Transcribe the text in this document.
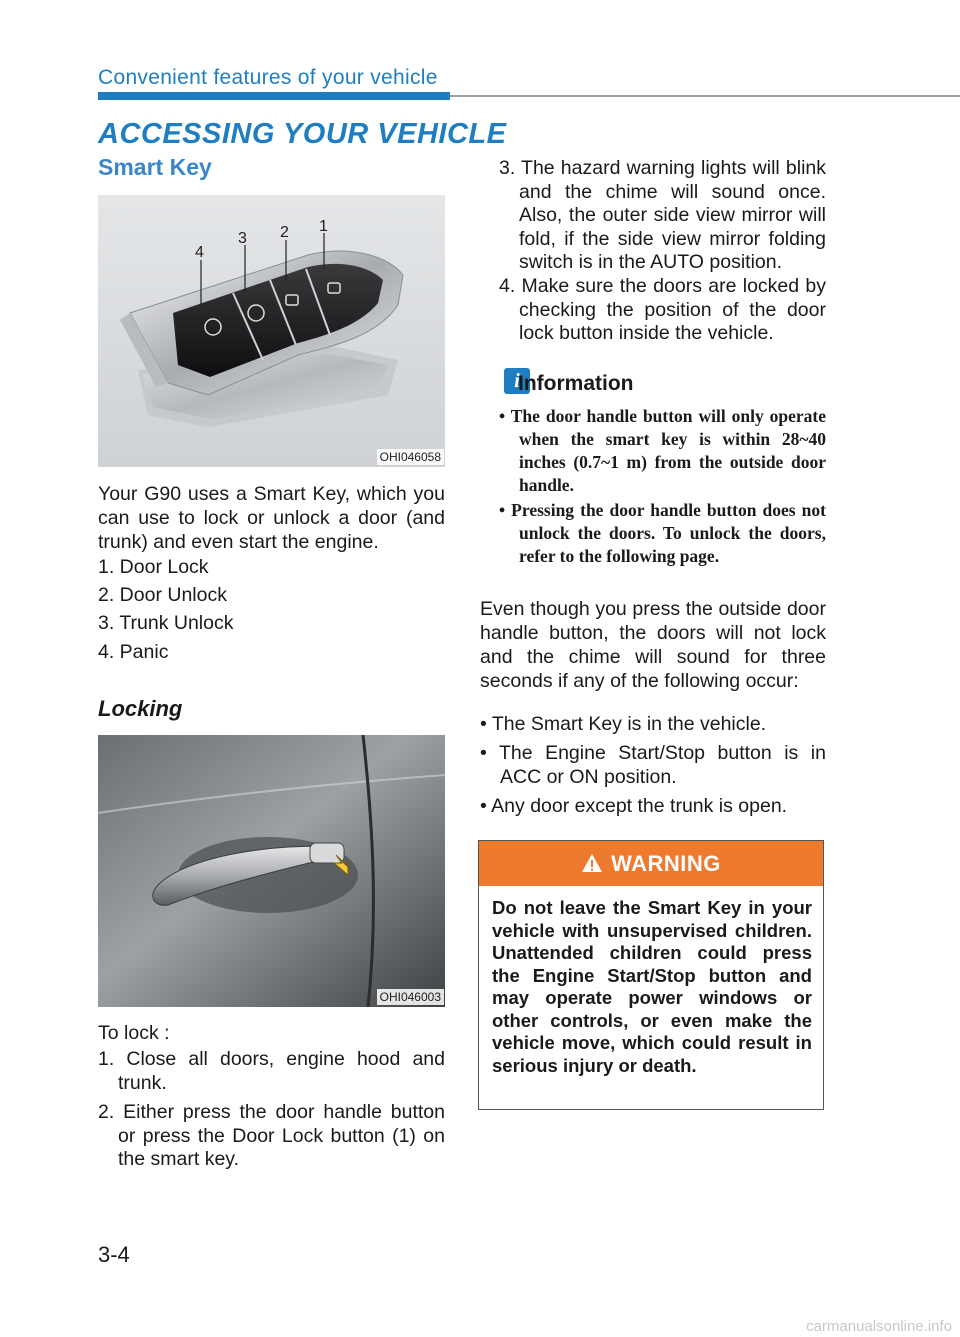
Convenient features of your vehicle
ACCESSING YOUR VEHICLE
Smart Key
4
3 2 1
OHI046058
Your G90 uses a Smart Key, which you can use to lock or unlock a door (and trunk) and even start the engine.
1. Door Lock
2. Door Unlock
3. Trunk Unlock
4. Panic
Locking
OHI046003
To lock :
1. Close all doors, engine hood and trunk.
2. Either press the door handle button or press the Door Lock button (1) on the smart key.
3. The hazard warning lights will blink and the chime will sound once. Also, the outer side view mirror will fold, if the side view mirror folding switch is in the AUTO position.
4. Make sure the doors are locked by checking the position of the door lock button inside the vehicle.
i
Information
• The door handle button will only operate when the smart key is within 28~40 inches (0.7~1 m) from the outside door handle.
• Pressing the door handle button does not unlock the doors. To unlock the doors, refer to the following page.
Even though you press the outside door handle button, the doors will not lock and the chime will sound for three seconds if any of the following occur:
• The Smart Key is in the vehicle.
• The Engine Start/Stop button is in ACC or ON position.
• Any door except the trunk is open.
WARNING
Do not leave the Smart Key in your vehicle with unsupervised children. Unattended children could press the Engine Start/Stop button and may operate power windows or other controls, or even make the vehicle move, which could result in serious injury or death.
3-4
carmanualsonline.info
